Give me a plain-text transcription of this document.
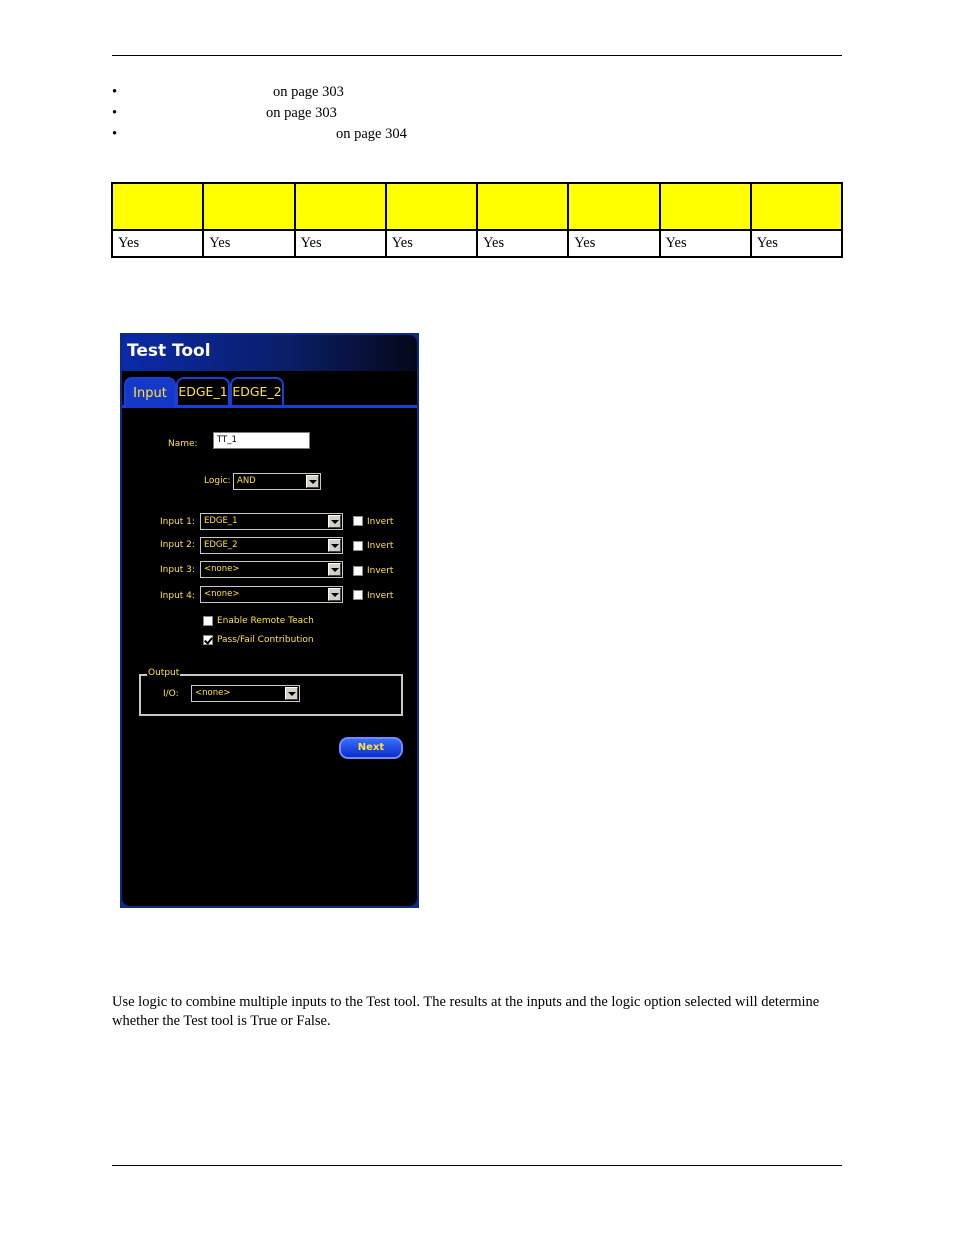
•	on page 303
•	on page 303
•	on page 304

Yes	Yes	Yes	Yes	Yes	Yes	Yes	Yes
Test Tool
Input EDGE_1 EDGE_2
Name:	TT_1
Logic: AND
Input 1: EDGE_1	Invert
Input 2: EDGE_2	Invert
Input 3: <none>	Invert
Input 4: <none>	Invert
Enable Remote Teach
Pass/Fail Contribution
Output
I/O: <none>
Next
Use logic to combine multiple inputs to the Test tool. The results at the inputs and the logic option selected will determine whether the Test tool is True or False.
